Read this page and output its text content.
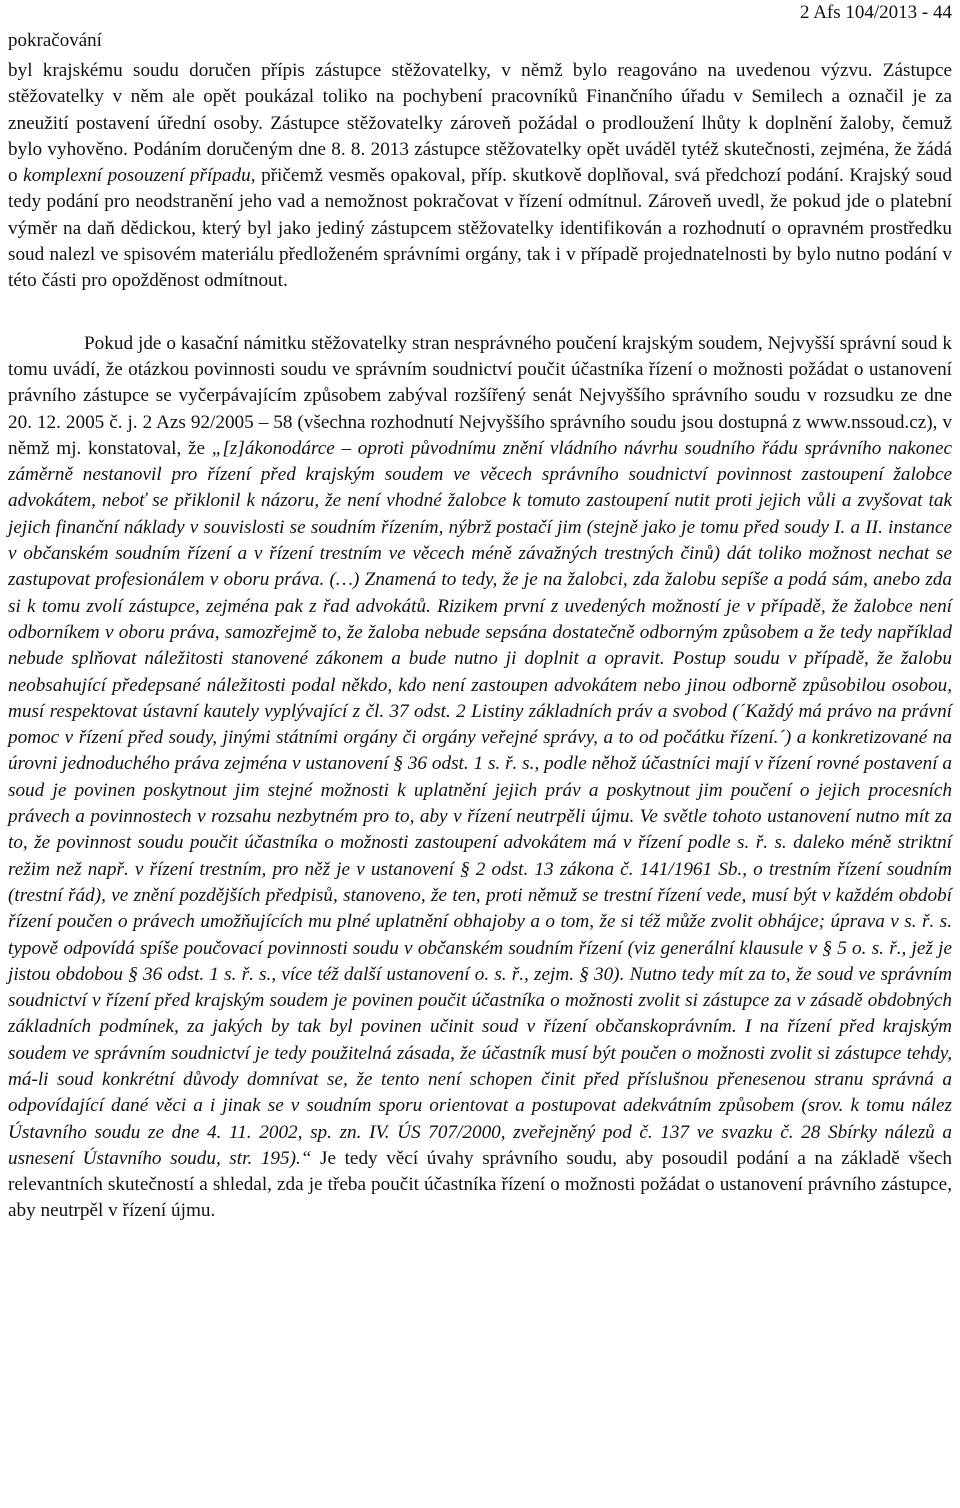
pokračování
2 Afs 104/2013 - 44

byl krajskému soudu doručen přípis zástupce stěžovatelky, v němž bylo reagováno na uvedenou výzvu. Zástupce stěžovatelky v něm ale opět poukázal toliko na pochybení pracovníků Finančního úřadu v Semilech a označil je za zneužití postavení úřední osoby. Zástupce stěžovatelky zároveň požádal o prodloužení lhůty k doplnění žaloby, čemuž bylo vyhověno. Podáním doručeným dne 8. 8. 2013 zástupce stěžovatelky opět uváděl tytéž skutečnosti, zejména, že žádá o komplexní posouzení případu, přičemž vesměs opakoval, příp. skutkově doplňoval, svá předchozí podání. Krajský soud tedy podání pro neodstranění jeho vad a nemožnost pokračovat v řízení odmítnul. Zároveň uvedl, že pokud jde o platební výměr na daň dědickou, který byl jako jediný zástupcem stěžovatelky identifikován a rozhodnutí o opravném prostředku soud nalezl ve spisovém materiálu předloženém správními orgány, tak i v případě projednatelnosti by bylo nutno podání v této části pro opožděnost odmítnout.

Pokud jde o kasační námitku stěžovatelky stran nesprávného poučení krajským soudem, Nejvyšší správní soud k tomu uvádí, že otázkou povinnosti soudu ve správním soudnictví poučit účastníka řízení o možnosti požádat o ustanovení právního zástupce se vyčerpávajícím způsobem zabýval rozšířený senát Nejvyššího správního soudu v rozsudku ze dne 20. 12. 2005 č. j. 2 Azs 92/2005 – 58 (všechna rozhodnutí Nejvyššího správního soudu jsou dostupná z www.nssoud.cz), v němž mj. konstatoval, že „[z]ákonodárce – oproti původnímu znění vládního návrhu soudního řádu správního nakonec záměrně nestanovil pro řízení před krajským soudem ve věcech správního soudnictví povinnost zastoupení žalobce advokátem, neboť se přiklonil k názoru, že není vhodné žalobce k tomuto zastoupení nutit proti jejich vůli a zvyšovat tak jejich finanční náklady v souvislosti se soudním řízením, nýbrž postačí jim (stejně jako je tomu před soudy I. a II. instance v občanském soudním řízení a v řízení trestním ve věcech méně závažných trestných činů) dát toliko možnost nechat se zastupovat profesionálem v oboru práva. (…) Znamená to tedy, že je na žalobci, zda žalobu sepíše a podá sám, anebo zda si k tomu zvolí zástupce, zejména pak z řad advokátů. Rizikem první z uvedených možností je v případě, že žalobce není odborníkem v oboru práva, samozřejmě to, že žaloba nebude sepsána dostatečně odborným způsobem a že tedy například nebude splňovat náležitosti stanovené zákonem a bude nutno ji doplnit a opravit. Postup soudu v případě, že žalobu neobsahující předepsané náležitosti podal někdo, kdo není zastoupen advokátem nebo jinou odborně způsobilou osobou, musí respektovat ústavní kautely vyplývající z čl. 37 odst. 2 Listiny základních práv a svobod (´Každý má právo na právní pomoc v řízení před soudy, jinými státními orgány či orgány veřejné správy, a to od počátku řízení.´) a konkretizované na úrovni jednoduchého práva zejména v ustanovení § 36 odst. 1 s. ř. s., podle něhož účastníci mají v řízení rovné postavení a soud je povinen poskytnout jim stejné možnosti k uplatnění jejich práv a poskytnout jim poučení o jejich procesních právech a povinnostech v rozsahu nezbytném pro to, aby v řízení neutrpěli újmu. Ve světle tohoto ustanovení nutno mít za to, že povinnost soudu poučit účastníka o možnosti zastoupení advokátem má v řízení podle s. ř. s. daleko méně striktní režim než např. v řízení trestním, pro něž je v ustanovení § 2 odst. 13 zákona č. 141/1961 Sb., o trestním řízení soudním (trestní řád), ve znění pozdějších předpisů, stanoveno, že ten, proti němuž se trestní řízení vede, musí být v každém období řízení poučen o právech umožňujících mu plné uplatnění obhajoby a o tom, že si též může zvolit obhájce; úprava v s. ř. s. typově odpovídá spíše poučovací povinnosti soudu v občanském soudním řízení (viz generální klausule v § 5 o. s. ř., jež je jistou obdobou § 36 odst. 1 s. ř. s., více též další ustanovení o. s. ř., zejm. § 30). Nutno tedy mít za to, že soud ve správním soudnictví v řízení před krajským soudem je povinen poučit účastníka o možnosti zvolit si zástupce za v zásadě obdobných základních podmínek, za jakých by tak byl povinen učinit soud v řízení občanskoprávním. I na řízení před krajským soudem ve správním soudnictví je tedy použitelná zásada, že účastník musí být poučen o možnosti zvolit si zástupce tehdy, má-li soud konkrétní důvody domnívat se, že tento není schopen činit před příslušnou přenesenou stranu správná a odpovídající dané věci a i jinak se v soudním sporu orientovat a postupovat adekvátním způsobem (srov. k tomu nález Ústavního soudu ze dne 4. 11. 2002, sp. zn. IV. ÚS 707/2000, zveřejněný pod č. 137 ve svazku č. 28 Sbírky nálezů a usnesení Ústavního soudu, str. 195).“ Je tedy věcí úvahy správního soudu, aby posoudil podání a na základě všech relevantních skutečností a shledal, zda je třeba poučit účastníka řízení o možnosti požádat o ustanovení právního zástupce, aby neutrpěl v řízení újmu.
